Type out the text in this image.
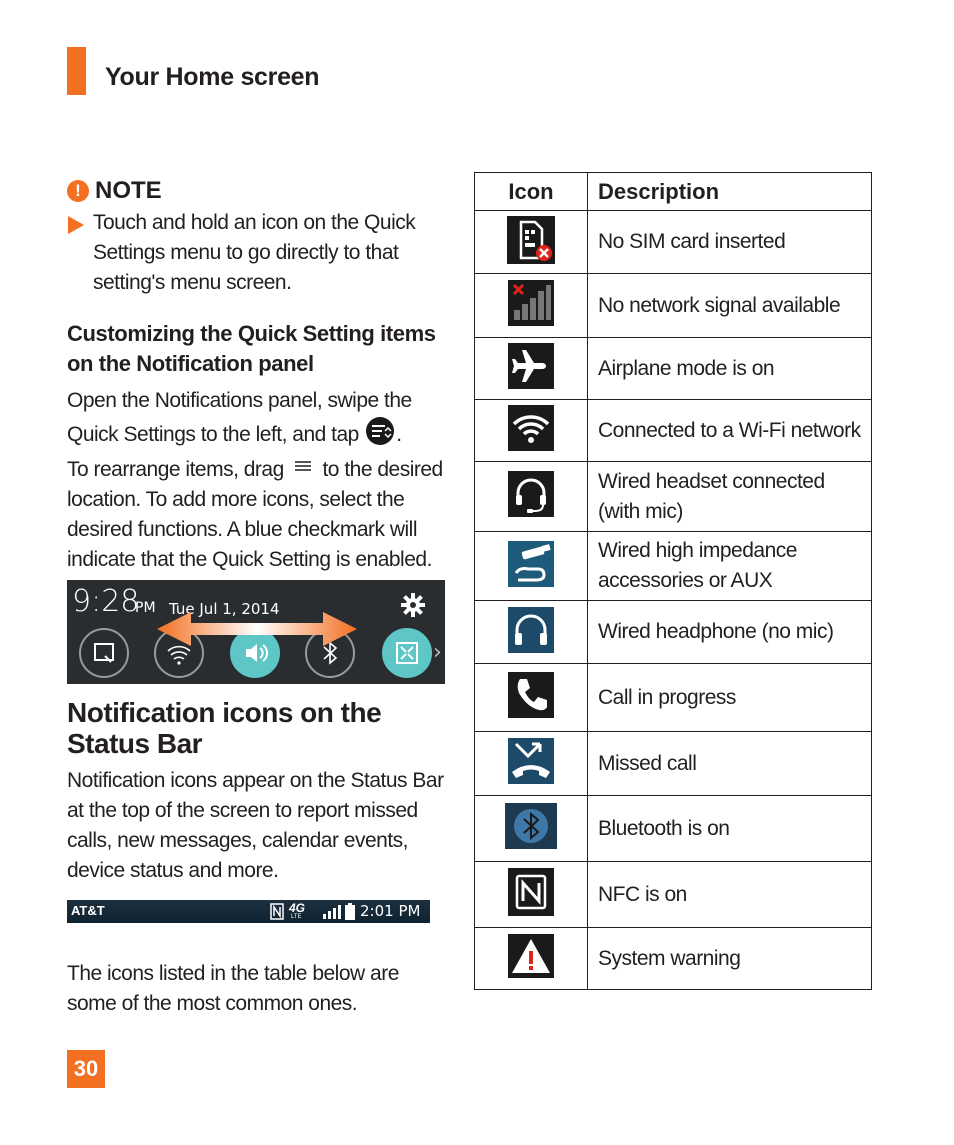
Your Home screen
! NOTE
Touch and hold an icon on the Quick Settings menu to go directly to that setting's menu screen.
Customizing the Quick Setting items on the Notification panel
Open the Notifications panel, swipe the Quick Settings to the left, and tap .
To rearrange items, drag to the desired location. To add more icons, select the desired functions. A blue checkmark will indicate that the Quick Setting is enabled.
9:28
PM Tue Jul 1, 2014
›
Notification icons on the Status Bar
Notification icons appear on the Status Bar at the top of the screen to report missed calls, new messages, calendar events, device status and more.
AT&T	4G
LTE	2:01 PM
The icons listed in the table below are some of the most common ones.
30
Icon	Description
	No SIM card inserted
	No network signal available
	Airplane mode is on
	Connected to a Wi-Fi network
	Wired headset connected (with mic)
	Wired high impedance accessories or AUX
	Wired headphone (no mic)
	Call in progress
	Missed call
	Bluetooth is on
	NFC is on
	System warning
